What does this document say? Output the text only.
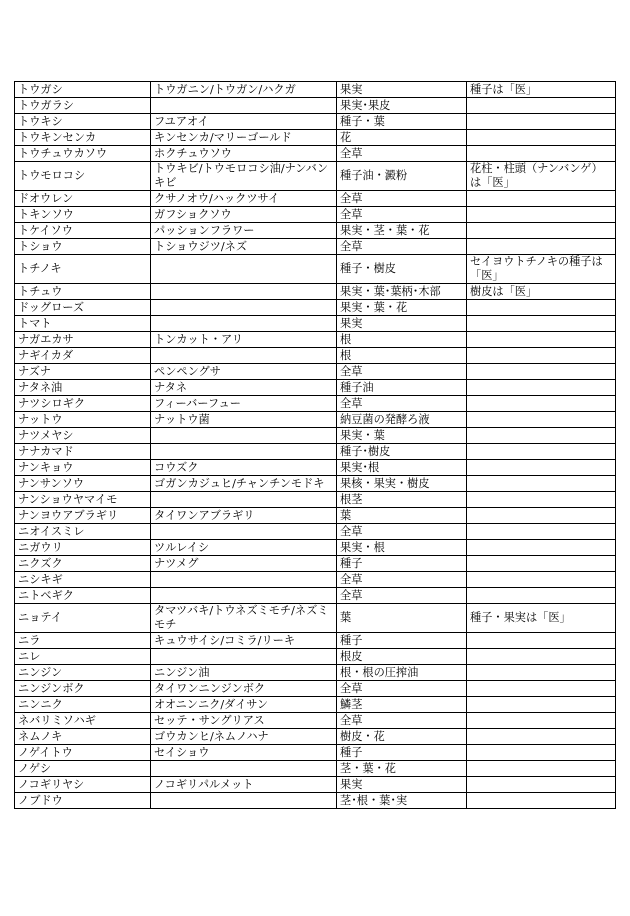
トウガシ	トウガニン/トウガン/ハクガ	果実	種子は「医」
トウガラシ		果実･果皮	
トウキシ	フユアオイ	種子・葉	
トウキンセンカ	キンセンカ/マリーゴールド	花	
トウチュウカソウ	ホクチュウソウ	全草	
トウモロコシ	トウキビ/トウモロコシ油/ナンバンキビ	種子油・澱粉	花柱・柱頭（ナンバンゲ）は「医」
ドオウレン	クサノオウ/ハックツサイ	全草	
トキンソウ	ガフショクソウ	全草	
トケイソウ	パッションフラワー	果実・茎・葉・花	
トショウ	トショウジツ/ネズ	全草	
トチノキ		種子・樹皮	セイヨウトチノキの種子は「医」
トチュウ		果実・葉･葉柄･木部	樹皮は「医」
ドッグローズ		果実・葉・花	
トマト		果実	
ナガエカサ	トンカット・アリ	根	
ナギイカダ		根	
ナズナ	ペンペングサ	全草	
ナタネ油	ナタネ	種子油	
ナツシロギク	フィーバーフュー	全草	
ナットウ	ナットウ菌	納豆菌の発酵ろ液	
ナツメヤシ		果実・葉	
ナナカマド		種子･樹皮	
ナンキョウ	コウズク	果実･根	
ナンサンソウ	ゴガンカジュヒ/チャンチンモドキ	果核・果実・樹皮	
ナンショウヤマイモ		根茎	
ナンヨウアブラギリ	タイワンアブラギリ	葉	
ニオイスミレ		全草	
ニガウリ	ツルレイシ	果実・根	
ニクズク	ナツメグ	種子	
ニシキギ		全草	
ニトベギク		全草	
ニョテイ	タマツバキ/トウネズミモチ/ネズミモチ	葉	種子・果実は「医」
ニラ	キュウサイシ/コミラ/リーキ	種子	
ニレ		根皮	
ニンジン	ニンジン油	根・根の圧搾油	
ニンジンボク	タイワンニンジンボク	全草	
ニンニク	オオニンニク/ダイサン	鱗茎	
ネバリミソハギ	セッテ・サングリアス	全草	
ネムノキ	ゴウカンヒ/ネムノハナ	樹皮・花	
ノゲイトウ	セイショウ	種子	
ノゲシ		茎・葉・花	
ノコギリヤシ	ノコギリパルメット	果実	
ノブドウ		茎･根・葉･実	
